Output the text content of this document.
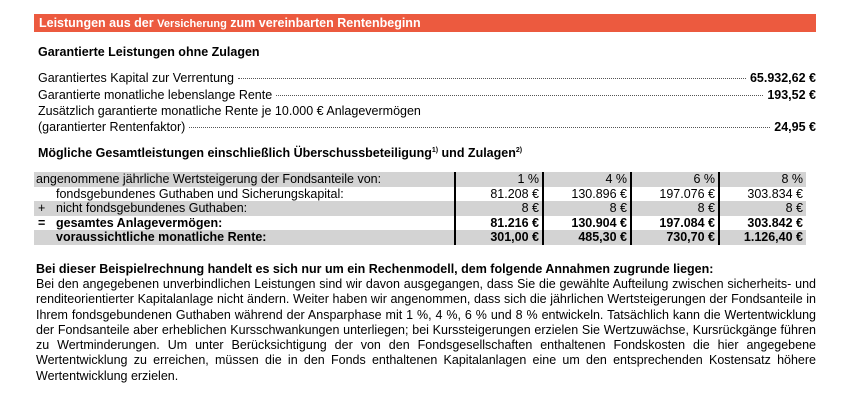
Leistungen aus der Versicherung zum vereinbarten Rentenbeginn
Garantierte Leistungen ohne Zulagen
Garantiertes Kapital zur Verrentung	65.932,62 €
Garantierte monatliche lebenslange Rente	193,52 €
Zusätzlich garantierte monatliche Rente je 10.000 € Anlagevermögen
(garantierter Rentenfaktor)	24,95 €
Mögliche Gesamtleistungen einschließlich Überschussbeteiligung$^{1)}$ und Zulagen$^{2)}$
angenommene jährliche Wertsteigerung der Fondsanteile von:		1 %	4 %	6 %	8 %
	fondsgebundenes Guthaben und Sicherungskapital:	81.208 €	130.896 €	197.076 €	303.834 €
+	nicht fondsgebundenes Guthaben:	8 €	8 €	8 €	8 €
=	gesamtes Anlagevermögen:	81.216 €	130.904 €	197.084 €	303.842 €
	voraussichtliche monatliche Rente:	301,00 €	485,30 €	730,70 €	1.126,40 €
Bei dieser Beispielrechnung handelt es sich nur um ein Rechenmodell, dem folgende Annahmen zugrunde liegen:
Bei den angegebenen unverbindlichen Leistungen sind wir davon ausgegangen, dass Sie die gewählte Aufteilung zwischen sicherheits- und renditeorientierter Kapitalanlage nicht ändern. Weiter haben wir angenommen, dass sich die jährlichen Wertsteigerungen der Fondsanteile in Ihrem fondsgebundenen Guthaben während der Ansparphase mit 1 %, 4 %, 6 % und 8 % entwickeln. Tatsächlich kann die Wertentwicklung der Fondsanteile aber erheblichen Kursschwankungen unterliegen; bei Kurssteigerungen erzielen Sie Wertzuwächse, Kursrückgänge führen zu Wertminderungen. Um unter Berücksichtigung der von den Fondsgesellschaften enthaltenen Fondskosten die hier angegebene Wertentwicklung zu erreichen, müssen die in den Fonds enthaltenen Kapitalanlagen eine um den entsprechenden Kostensatz höhere Wertentwicklung erzielen.
